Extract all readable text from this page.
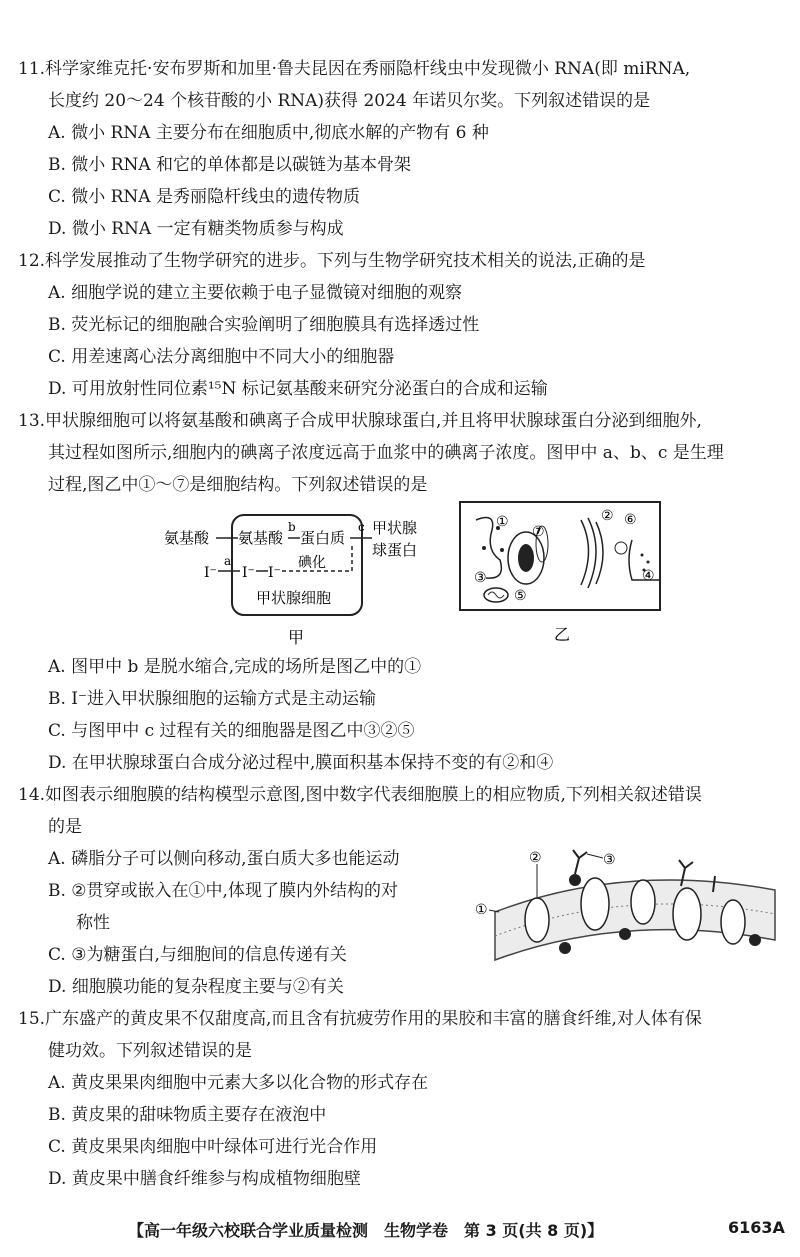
11.科学家维克托·安布罗斯和加里·鲁夫昆因在秀丽隐杆线虫中发现微小 RNA(即 miRNA,
长度约 20～24 个核苷酸的小 RNA)获得 2024 年诺贝尔奖。下列叙述错误的是
A. 微小 RNA 主要分布在细胞质中,彻底水解的产物有 6 种
B. 微小 RNA 和它的单体都是以碳链为基本骨架
C. 微小 RNA 是秀丽隐杆线虫的遗传物质
D. 微小 RNA 一定有糖类物质参与构成
12.科学发展推动了生物学研究的进步。下列与生物学研究技术相关的说法,正确的是
A. 细胞学说的建立主要依赖于电子显微镜对细胞的观察
B. 荧光标记的细胞融合实验阐明了细胞膜具有选择透过性
C. 用差速离心法分离细胞中不同大小的细胞器
D. 可用放射性同位素¹⁵N 标记氨基酸来研究分泌蛋白的合成和运输
13.甲状腺细胞可以将氨基酸和碘离子合成甲状腺球蛋白,并且将甲状腺球蛋白分泌到细胞外,
其过程如图所示,细胞内的碘离子浓度远高于血浆中的碘离子浓度。图甲中 a、b、c 是生理
过程,图乙中①～⑦是细胞结构。下列叙述错误的是
氨基酸 氨基酸
b
蛋白质
c 甲状腺
球蛋白
I⁻
a
I⁻ I⁻
碘化
甲状腺细胞
甲
①	②
③	④
⑤
⑥
⑦
乙
A. 图甲中 b 是脱水缩合,完成的场所是图乙中的①
B. I⁻进入甲状腺细胞的运输方式是主动运输
C. 与图甲中 c 过程有关的细胞器是图乙中③②⑤
D. 在甲状腺球蛋白合成分泌过程中,膜面积基本保持不变的有②和④
14.如图表示细胞膜的结构模型示意图,图中数字代表细胞膜上的相应物质,下列相关叙述错误
的是
A. 磷脂分子可以侧向移动,蛋白质大多也能运动
B. ②贯穿或嵌入在①中,体现了膜内外结构的对
称性
C. ③为糖蛋白,与细胞间的信息传递有关
D. 细胞膜功能的复杂程度主要与②有关
①
②	③
15.广东盛产的黄皮果不仅甜度高,而且含有抗疲劳作用的果胶和丰富的膳食纤维,对人体有保
健功效。下列叙述错误的是
A. 黄皮果果肉细胞中元素大多以化合物的形式存在
B. 黄皮果的甜味物质主要存在液泡中
C. 黄皮果果肉细胞中叶绿体可进行光合作用
D. 黄皮果中膳食纤维参与构成植物细胞壁
【高一年级六校联合学业质量检测　生物学卷　第 3 页(共 8 页)】	6163A
